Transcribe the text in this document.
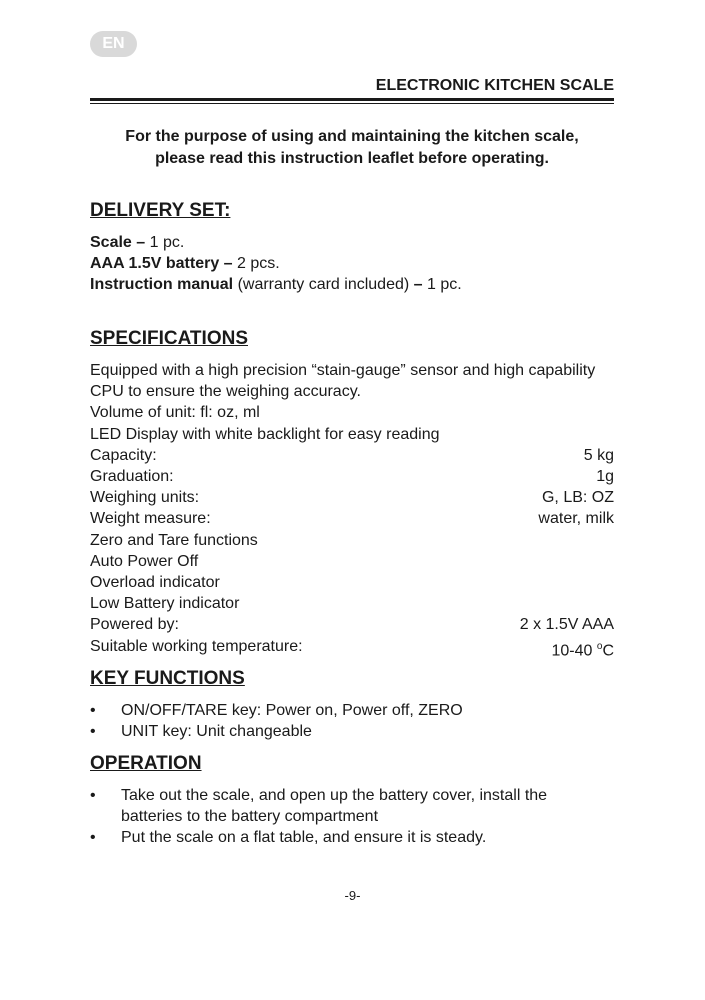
EN
ELECTRONIC KITCHEN SCALE
For the purpose of using and maintaining the kitchen scale,
please read this instruction leaflet before operating.
DELIVERY SET:
Scale – 1 pc.
AAA 1.5V battery – 2 pcs.
Instruction manual (warranty card included) – 1 pc.
SPECIFICATIONS
Equipped with a high precision “stain-gauge” sensor and high capability
CPU to ensure the weighing accuracy.
Volume of unit: fl: oz, ml
LED Display with white backlight for easy reading
Capacity:	5 kg
Graduation:	1g
Weighing units:	G, LB: OZ
Weight measure:	water, milk
Zero and Tare functions
Auto Power Off
Overload indicator
Low Battery indicator
Powered by:	2 x 1.5V AAA
Suitable working temperature:	10-40 $^o$C
KEY FUNCTIONS
• ON/OFF/TARE key: Power on, Power off, ZERO
• UNIT key: Unit changeable
OPERATION
• Take out the scale, and open up the battery cover, install the
batteries to the battery compartment
• Put the scale on a flat table, and ensure it is steady.
-9-
